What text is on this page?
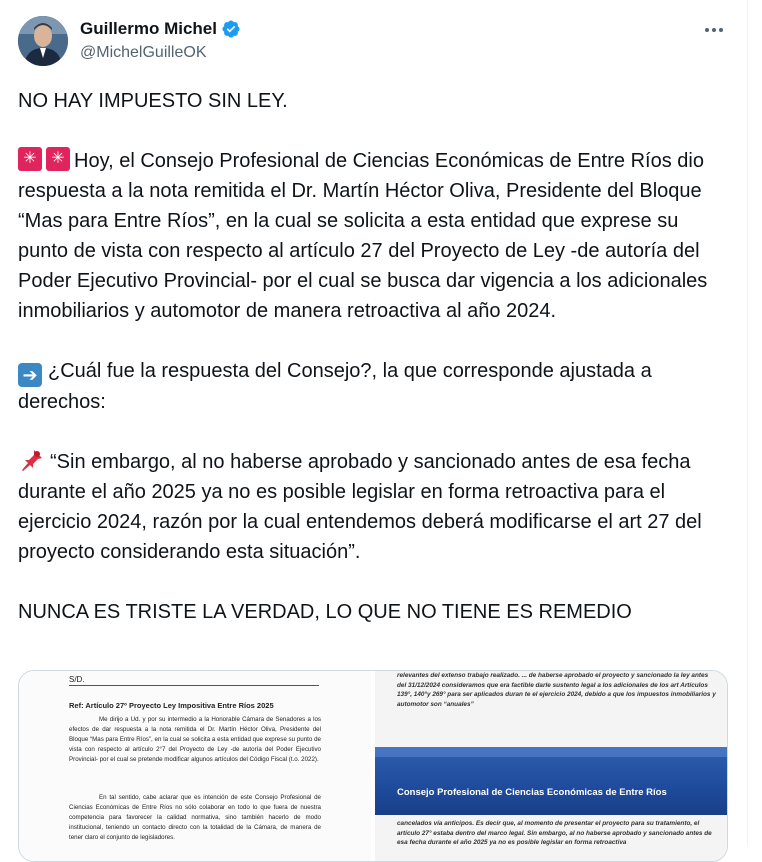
Guillermo Michel
@MichelGuilleOK

NO HAY IMPUESTO SIN LEY.

✳✳Hoy, el Consejo Profesional de Ciencias Económicas de Entre Ríos dio respuesta a la nota remitida el Dr. Martín Héctor Oliva, Presidente del Bloque “Mas para Entre Ríos”, en la cual se solicita a esta entidad que exprese su punto de vista con respecto al artículo 27 del Proyecto de Ley -de autoría del Poder Ejecutivo Provincial- por el cual se busca dar vigencia a los adicionales inmobiliarios y automotor de manera retroactiva al año 2024.

➔ ¿Cuál fue la respuesta del Consejo?, la que corresponde ajustada a derechos:

“Sin embargo, al no haberse aprobado y sancionado antes de esa fecha durante el año 2025 ya no es posible legislar en forma retroactiva para el ejercicio 2024, razón por la cual entendemos deberá modificarse el art 27 del proyecto considerando esta situación”.

NUNCA ES TRISTE LA VERDAD, LO QUE NO TIENE ES REMEDIO

S/D.
Ref: Artículo 27º Proyecto Ley Impositiva Entre Ríos 2025
Me dirijo a Ud. y por su intermedio a la Honorable Cámara de Senadores a los efectos de dar respuesta a la nota remitida el Dr. Martín Héctor Oliva, Presidente del Bloque “Mas para Entre Ríos”, en la cual se solicita a esta entidad que exprese su punto de vista con respecto al artículo 2°7 del Proyecto de Ley -de autoría del Poder Ejecutivo Provincial- por el cual se pretende modificar algunos artículos del Código Fiscal (t.o. 2022).
En tal sentido, cabe aclarar que es intención de este Consejo Profesional de Ciencias Económicas de Entre Ríos no sólo colaborar en todo lo que fuera de nuestra competencia para favorecer la calidad normativa, sino también hacerlo de modo institucional, teniendo un contacto directo con la totalidad de la Cámara, de manera de tener claro el conjunto de legisladores.
relevantes del extenso trabajo realizado. ... de haberse aprobado el proyecto y sancionado la ley antes del 31/12/2024 consideramos que era factible darle sustento legal a los adicionales de los art Artículos 139°, 140°y 269° para ser aplicados duran te el ejercicio 2024, debido a que los impuestos inmobiliarios y automotor son “anuales”
Consejo Profesional de Ciencias Económicas de Entre Ríos
cancelados vía anticipos. Es decir que, al momento de presentar el proyecto para su tratamiento, el artículo 27° estaba dentro del marco legal. Sin embargo, al no haberse aprobado y sancionado antes de esa fecha durante el año 2025 ya no es posible legislar en forma retroactiva
